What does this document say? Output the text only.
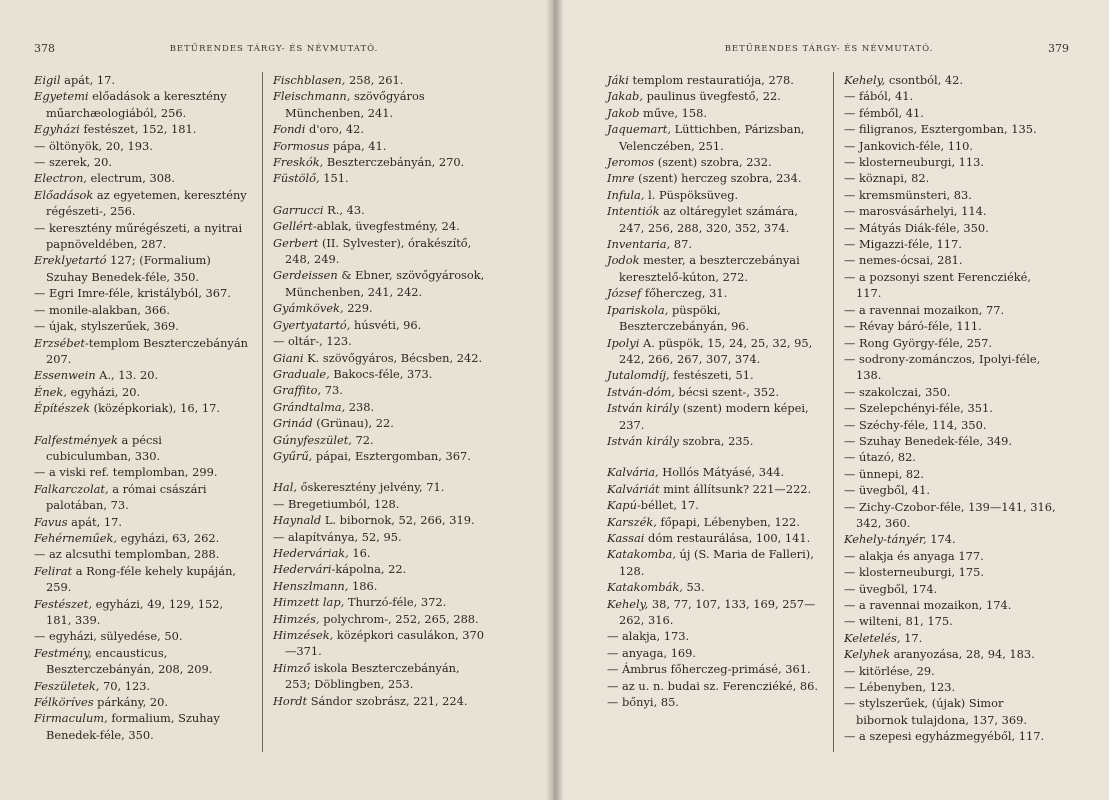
378	BETŰRENDES TÁRGY- ÉS NÉVMUTATÓ.

Eigil apát, 17.

Egyetemi előadások a keresztény műarchæologiából, 256.

Egyházi festészet, 152, 181.

— öltönyök, 20, 193.

— szerek, 20.

Electron, electrum, 308.

Előadások az egyetemen, keresztény régészeti-, 256.

— keresztény műrégészeti, a nyitrai papnöveldében, 287.

Ereklyetartó 127; (Formalium) Szuhay Benedek-féle, 350.

— Egri Imre-féle, kristályból, 367.

— monile-alakban, 366.

— újak, stylszerűek, 369.

Erzsébet-templom Beszterczebányán 207.

Essenwein A., 13. 20.

Ének, egyházi, 20.

Építészek (középkoriak), 16, 17.

Falfestmények a pécsi cubiculumban, 330.

— a viski ref. templomban, 299.

Falkarczolat, a római császári palotában, 73.

Favus apát, 17.

Fehérneműek, egyházi, 63, 262.

— az alcsuthi templomban, 288.

Felirat a Rong-féle kehely kupáján, 259.

Festészet, egyházi, 49, 129, 152, 181, 339.

— egyházi, sülyedése, 50.

Festmény, encausticus, Beszterczebányán, 208, 209.

Feszületek, 70, 123.

Félköríves párkány, 20.

Firmaculum, formalium, Szuhay Benedek-féle, 350.

Fischblasen, 258, 261.

Fleischmann, szövőgyáros Münchenben, 241.

Fondi d'oro, 42.

Formosus pápa, 41.

Freskók, Beszterczebányán, 270.

Füstölő, 151.

Garrucci R., 43.

Gellért-ablak, üvegfestmény, 24.

Gerbert (II. Sylvester), órakészítő, 248, 249.

Gerdeissen & Ebner, szövőgyárosok, Münchenben, 241, 242.

Gyámkövek, 229.

Gyertyatartó, húsvéti, 96.

— oltár-, 123.

Giani K. szövőgyáros, Bécsben, 242.

Graduale, Bakocs-féle, 373.

Graffito, 73.

Grándtalma, 238.

Grinád (Grünau), 22.

Gúnyfeszület, 72.

Gyűrű, pápai, Esztergomban, 367.

Hal, őskeresztény jelvény, 71.

— Bregetiumból, 128.

Haynald L. bibornok, 52, 266, 319.

— alapítványa, 52, 95.

Hederváriak, 16.

Hedervári-kápolna, 22.

Henszlmann, 186.

Himzett lap, Thurzó-féle, 372.

Himzés, polychrom-, 252, 265, 288.

Himzések, középkori casulákon, 370—371.

Himző iskola Beszterczebányán, 253; Döblingben, 253.

Hordt Sándor szobrász, 221, 224.

BETŰRENDES TÁRGY- ÉS NÉVMUTATÓ.	379

Jáki templom restauratiója, 278.

Jakab, paulinus üvegfestő, 22.

Jakob műve, 158.

Jaquemart, Lüttichben, Párizsban, Velenczében, 251.

Jeromos (szent) szobra, 232.

Imre (szent) herczeg szobra, 234.

Infula, l. Püspöksüveg.

Intentiók az oltáregylet számára, 247, 256, 288, 320, 352, 374.

Inventaria, 87.

Jodok mester, a beszterczebányai keresztelő-kúton, 272.

József főherczeg, 31.

Ipariskola, püspöki, Beszterczebányán, 96.

Ipolyi A. püspök, 15, 24, 25, 32, 95, 242, 266, 267, 307, 374.

Jutalomdíj, festészeti, 51.

István-dóm, bécsi szent-, 352.

István király (szent) modern képei, 237.

István király szobra, 235.

Kalvária, Hollós Mátyásé, 344.

Kalváriát mint állítsunk? 221—222.

Kapú-béllet, 17.

Karszék, főpapi, Lébenyben, 122.

Kassai dóm restaurálása, 100, 141.

Katakomba, új (S. Maria de Falleri), 128.

Katakombák, 53.

Kehely, 38, 77, 107, 133, 169, 257—262, 316.

— alakja, 173.

— anyaga, 169.

— Ámbrus főherczeg-primásé, 361.

— az u. n. budai sz. Ferencziéké, 86.

— bőnyi, 85.

Kehely, csontból, 42.

— fából, 41.

— fémből, 41.

— filigranos, Esztergomban, 135.

— Jankovich-féle, 110.

— klosterneuburgi, 113.

— köznapi, 82.

— kremsmünsteri, 83.

— marosvásárhelyi, 114.

— Mátyás Diák-féle, 350.

— Migazzi-féle, 117.

— nemes-ócsai, 281.

— a pozsonyi szent Ferencziéké, 117.

— a ravennai mozaikon, 77.

— Révay báró-féle, 111.

— Rong György-féle, 257.

— sodrony-zománczos, Ipolyi-féle, 138.

— szakolczai, 350.

— Szelepchényi-féle, 351.

— Széchy-féle, 114, 350.

— Szuhay Benedek-féle, 349.

— útazó, 82.

— ünnepi, 82.

— üvegből, 41.

— Zichy-Czobor-féle, 139—141, 316, 342, 360.

Kehely-tányér, 174.

— alakja és anyaga 177.

— klosterneuburgi, 175.

— üvegből, 174.

— a ravennai mozaikon, 174.

— wilteni, 81, 175.

Keletelés, 17.

Kelyhek aranyozása, 28, 94, 183.

— kitörlése, 29.

— Lébenyben, 123.

— stylszerűek, (újak) Simor bibornok tulajdona, 137, 369.

— a szepesi egyházmegyéből, 117.
